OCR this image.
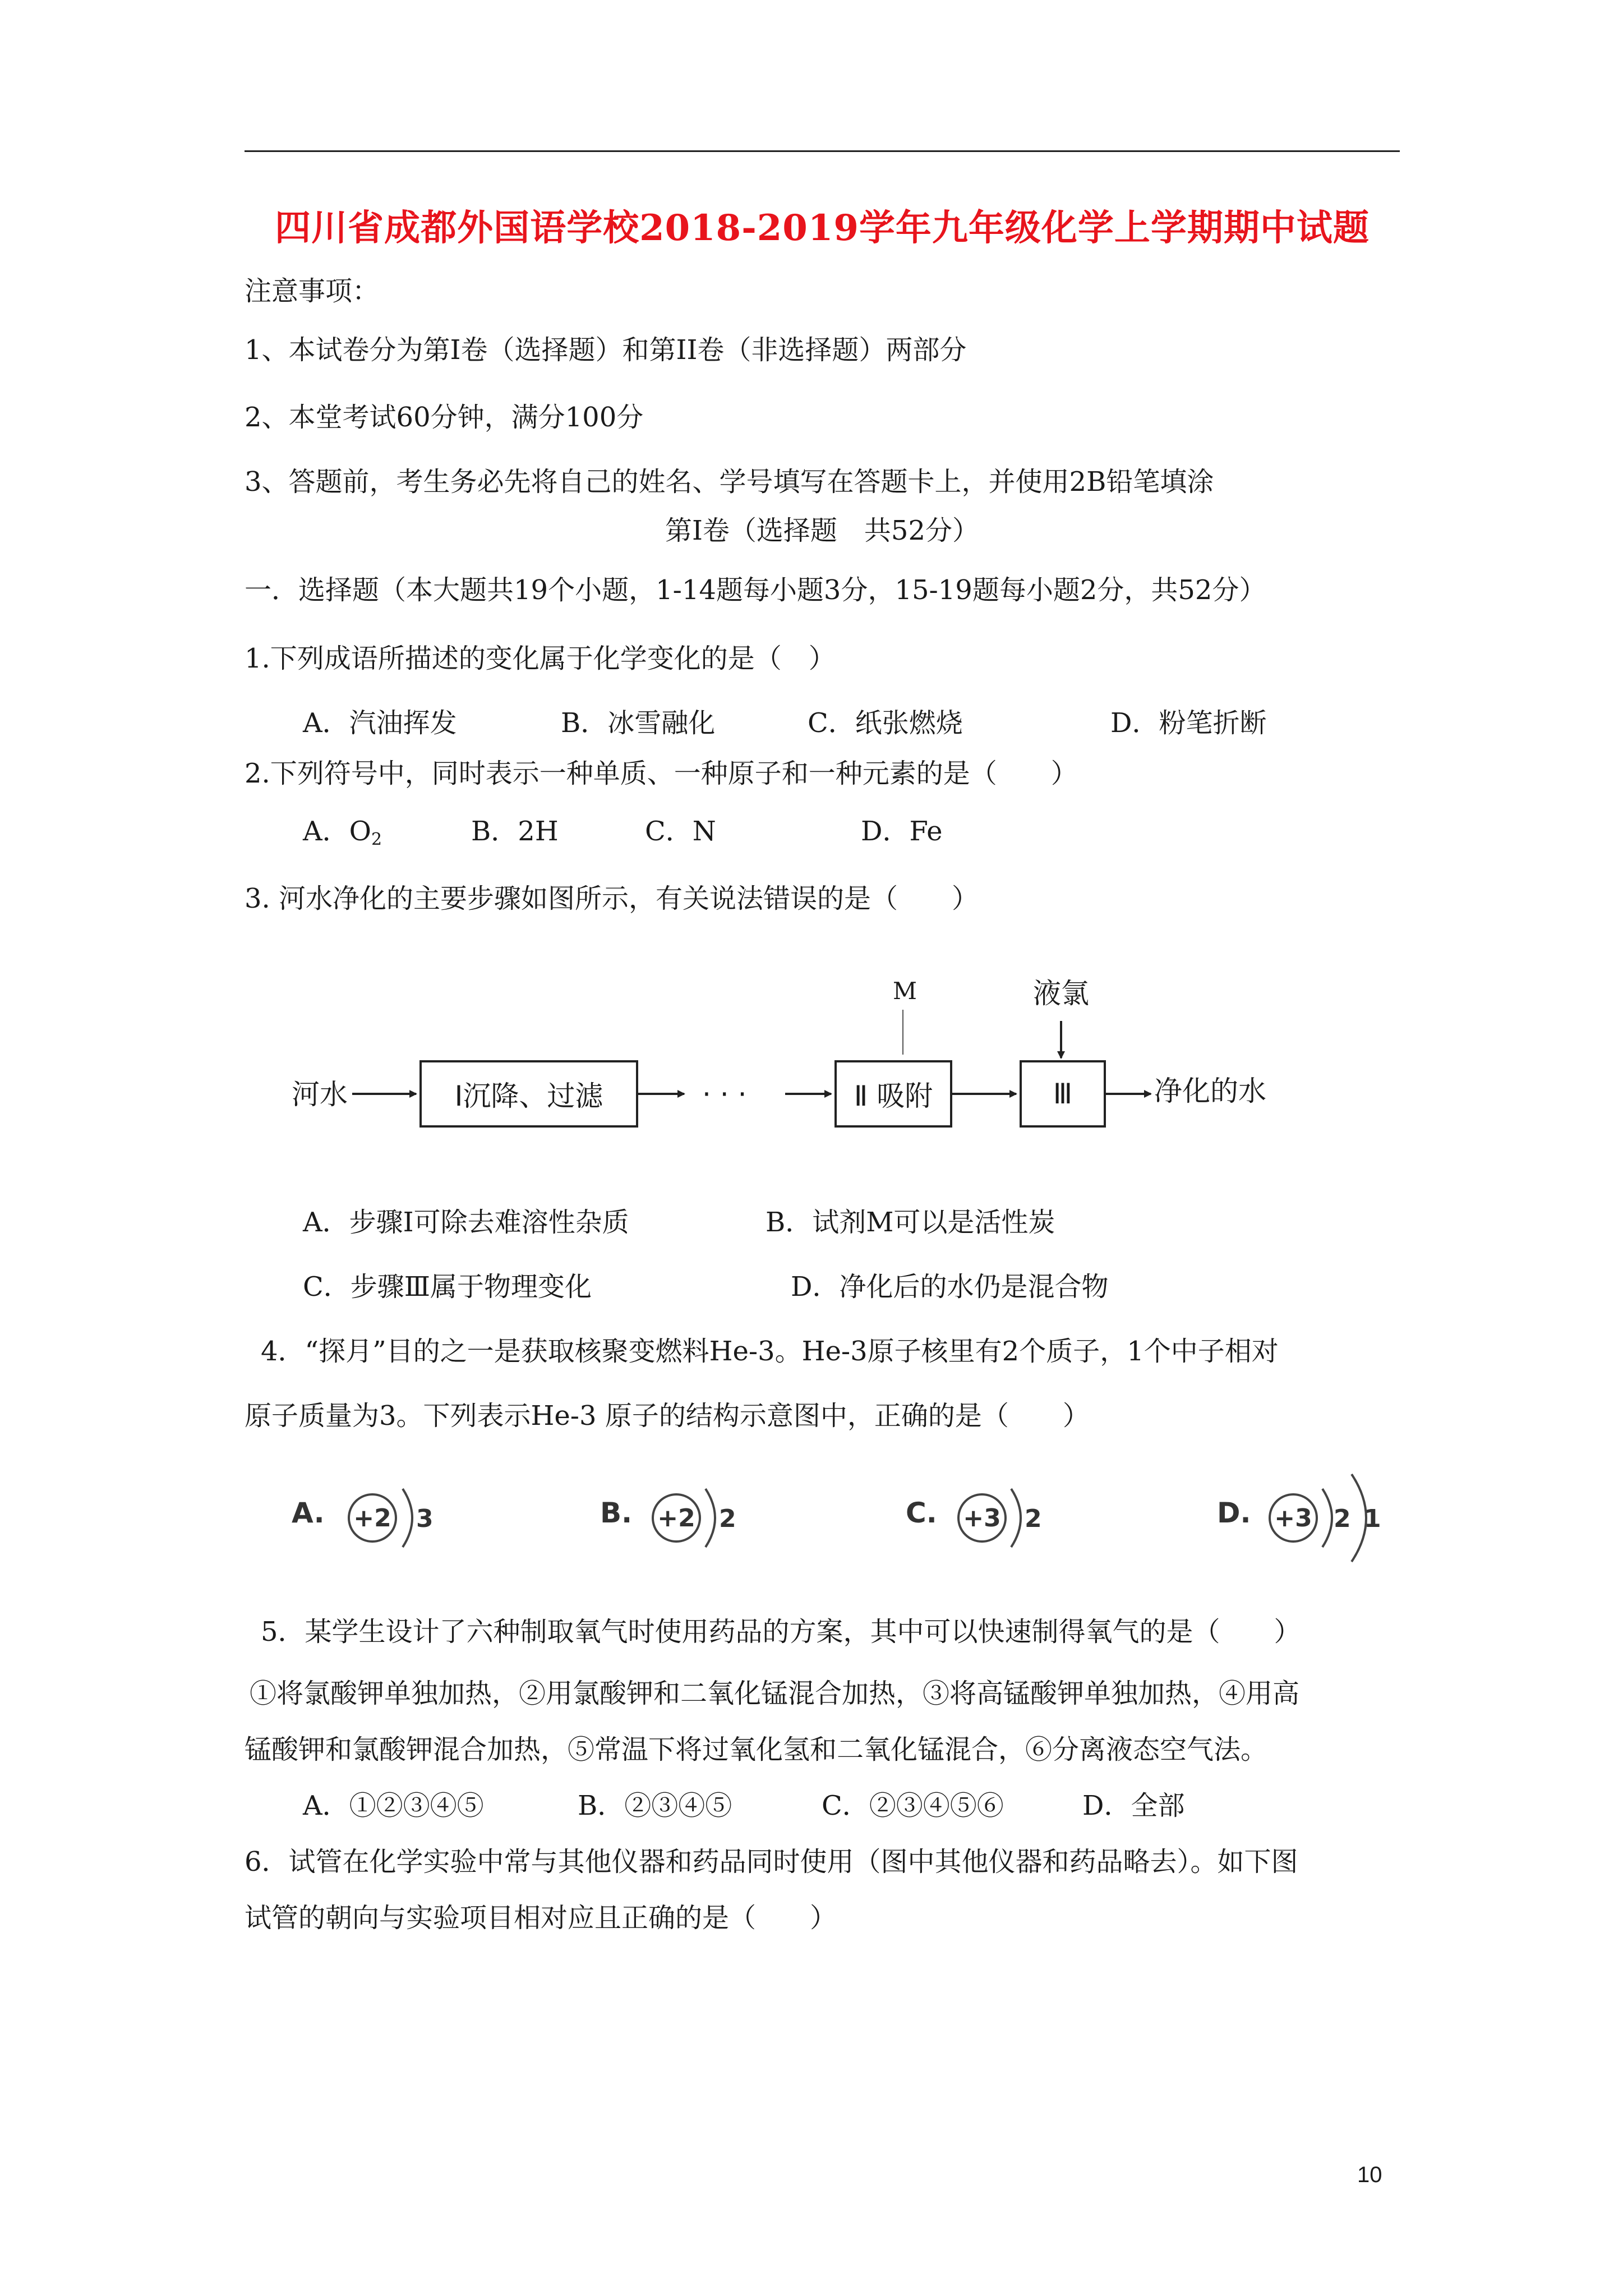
四川省成都外国语学校2018-2019学年九年级化学上学期期中试题
注意事项：
1、本试卷分为第Ⅰ卷（选择题）和第II卷（非选择题）两部分
2、本堂考试60分钟，满分100分
3、答题前，考生务必先将自己的姓名、学号填写在答题卡上，并使用2B铅笔填涂
第Ⅰ卷（选择题　共52分）
一．选择题（本大题共19个小题，1-14题每小题3分，15-19题每小题2分，共52分）
1.下列成语所描述的变化属于化学变化的是（　）
A．汽油挥发	B．冰雪融化	C．纸张燃烧	D．粉笔折断
2.下列符号中，同时表示一种单质、一种原子和一种元素的是（　　）
A．$O_2$	B．2H	C．N	D．Fe
3. 河水净化的主要步骤如图所示，有关说法错误的是（　　）
河水	Ⅰ沉降、过滤	· · ·	Ⅱ 吸附	Ⅲ	净化的水
M	液氯
A．步骤Ⅰ可除去难溶性杂质	B．试剂M可以是活性炭
C．步骤Ⅲ属于物理变化	D．净化后的水仍是混合物
4．“探月”目的之一是获取核聚变燃料He-3。He-3原子核里有2个质子，1个中子相对
原子质量为3。下列表示He-3 原子的结构示意图中，正确的是（　　）
A. +2 3	B. +2 2	C. +3 2	D. +3 2 1
5．某学生设计了六种制取氧气时使用药品的方案，其中可以快速制得氧气的是（　　）
①将氯酸钾单独加热，②用氯酸钾和二氧化锰混合加热，③将高锰酸钾单独加热，④用高
锰酸钾和氯酸钾混合加热，⑤常温下将过氧化氢和二氧化锰混合，⑥分离液态空气法。
A．①②③④⑤	B．②③④⑤	C．②③④⑤⑥	D．全部
6．试管在化学实验中常与其他仪器和药品同时使用（图中其他仪器和药品略去）。如下图
试管的朝向与实验项目相对应且正确的是（　　）
10
